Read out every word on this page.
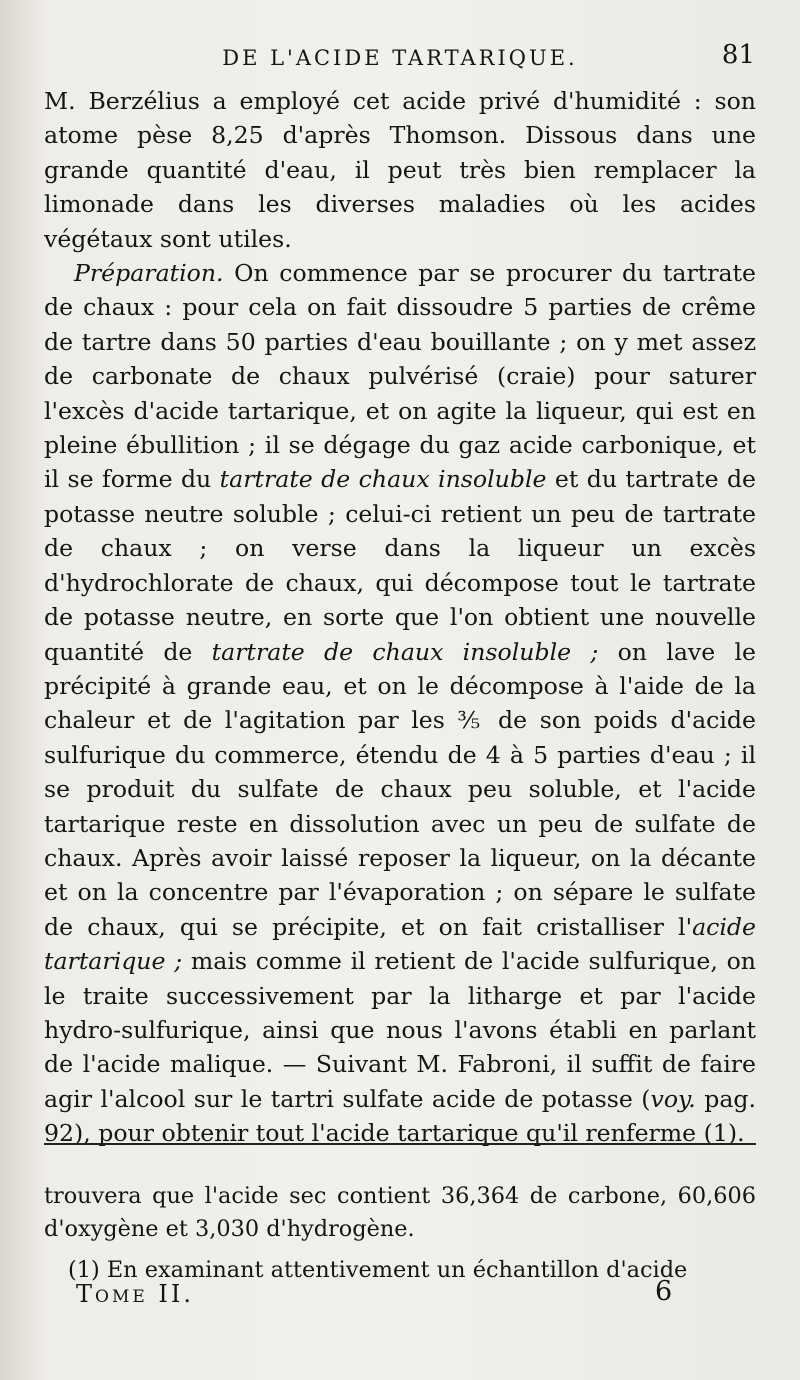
DE L'ACIDE TARTARIQUE.	81

M. Berzélius a employé cet acide privé d'humidité : son atome pèse 8,25 d'après Thomson. Dissous dans une grande quantité d'eau, il peut très bien remplacer la limonade dans les diverses maladies où les acides végétaux sont utiles.

Préparation. On commence par se procurer du tartrate de chaux : pour cela on fait dissoudre 5 parties de crême de tartre dans 50 parties d'eau bouillante ; on y met assez de carbonate de chaux pulvérisé (craie) pour saturer l'excès d'acide tartarique, et on agite la liqueur, qui est en pleine ébullition ; il se dégage du gaz acide carbonique, et il se forme du tartrate de chaux insoluble et du tartrate de potasse neutre soluble ; celui-ci retient un peu de tartrate de chaux ; on verse dans la liqueur un excès d'hydrochlorate de chaux, qui décompose tout le tartrate de potasse neutre, en sorte que l'on obtient une nouvelle quantité de tartrate de chaux insoluble ; on lave le précipité à grande eau, et on le décompose à l'aide de la chaleur et de l'agitation par les ⅗ de son poids d'acide sulfurique du commerce, étendu de 4 à 5 parties d'eau ; il se produit du sulfate de chaux peu soluble, et l'acide tartarique reste en dissolution avec un peu de sulfate de chaux. Après avoir laissé reposer la liqueur, on la décante et on la concentre par l'évaporation ; on sépare le sulfate de chaux, qui se précipite, et on fait cristalliser l'acide tartarique ; mais comme il retient de l'acide sulfurique, on le traite successivement par la litharge et par l'acide hydro-sulfurique, ainsi que nous l'avons établi en parlant de l'acide malique. — Suivant M. Fabroni, il suffit de faire agir l'alcool sur le tartri sulfate acide de potasse (voy. pag. 92), pour obtenir tout l'acide tartarique qu'il renferme (1).

trouvera que l'acide sec contient 36,364 de carbone, 60,606 d'oxygène et 3,030 d'hydrogène.

(1) En examinant attentivement un échantillon d'acide

Tome II.	6
